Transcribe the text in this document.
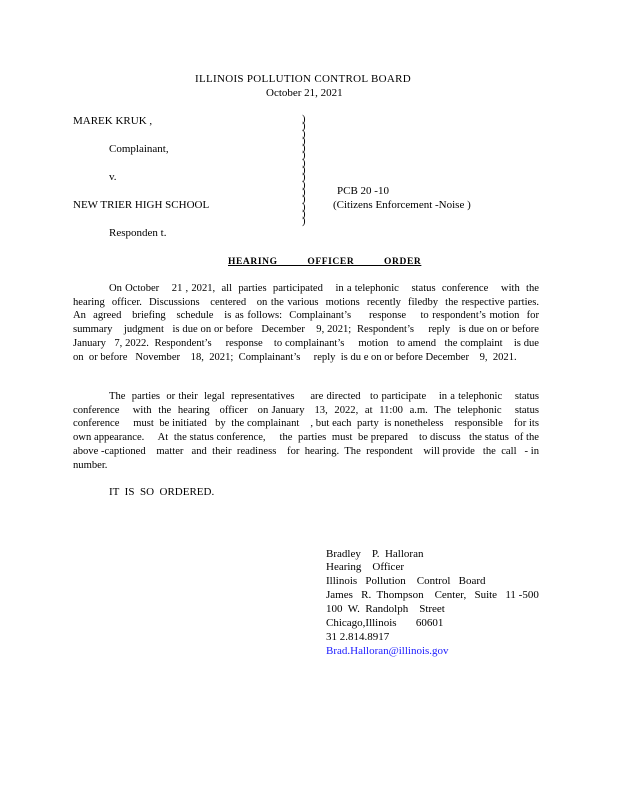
ILLINOIS POLLUTION CONTROL BOARD
October 21, 2021
MAREK KRUK ,
Complainant,
v.
NEW TRIER HIGH SCHOOL
Responden t.
)
)
)
)
)
)
)
)
)
)
)
)
)
)
)
PCB 20 -10
(Citizens Enforcement -Noise )
HEARING          OFFICER          ORDER
On October    21 , 2021,  all  parties  participated    in a telephonic    status  conference    with  the hearing  officer.  Discussions   centered   on the various  motions  recently  filedby  the respective parties.   An  agreed   briefing   schedule   is as follows:  Complainant’s     response    to respondent’s motion  for summary    judgment   is due on or before   December    9, 2021;  Respondent’s     reply   is due on or before   January   7, 2022.  Respondent’s     response    to complainant’s     motion   to amend   the complaint    is due on  or before   November    18,  2021;  Complainant’s     reply  is du e on or before December    9,  2021.
The  parties  or their  legal  representatives     are directed   to participate    in a telephonic    status conference    with  the  hearing   officer   on January   13,  2022,  at  11:00  a.m.  The  telephonic    status conference     must  be initiated   by  the complainant    , but each  party  is nonetheless    responsible    for its own appearance.     At  the status conference,     the  parties  must  be prepared    to discuss   the status  of the above -captioned    matter   and  their  readiness    for  hearing.  The  respondent    will provide   the  call   - in number.
IT  IS  SO  ORDERED.
Bradley    P.  Halloran
Hearing    Officer
Illinois   Pollution    Control   Board
James   R.  Thompson    Center,   Suite   11 -500
100  W.  Randolph    Street
Chicago,Illinois       60601
31 2.814.8917
Brad.Halloran@illinois.gov
